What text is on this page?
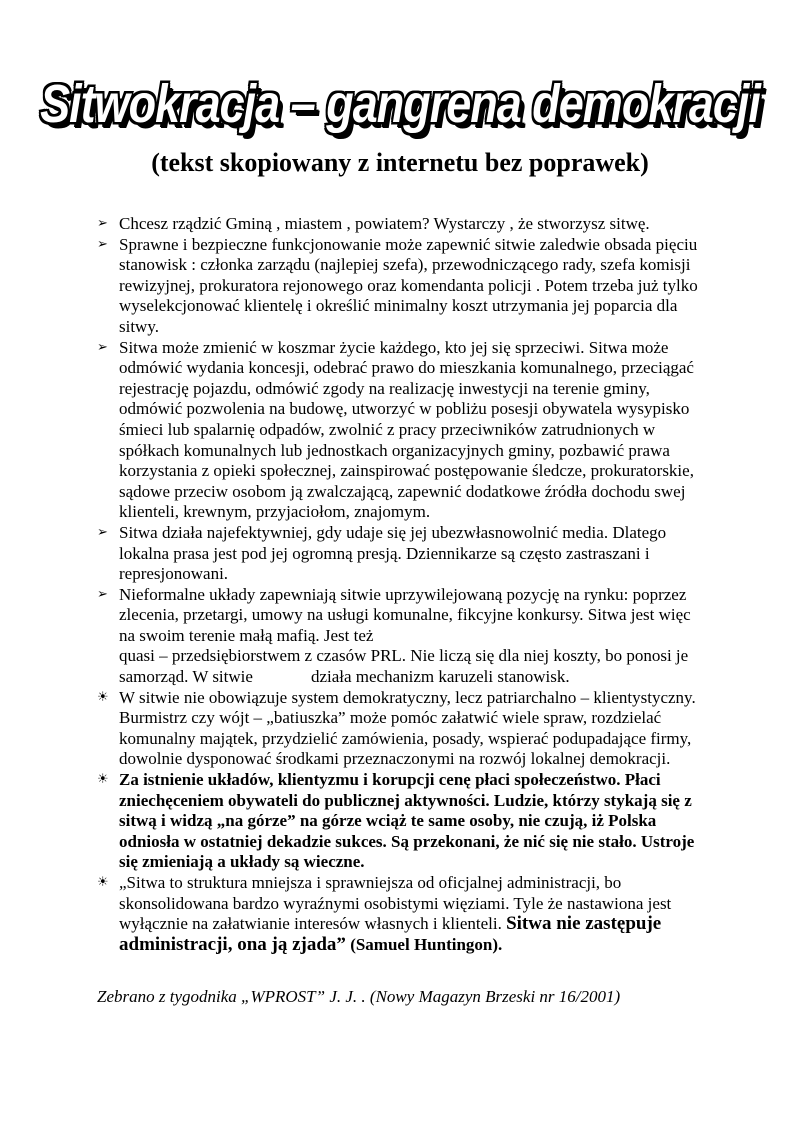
Sitwokracja – gangrena demokracji
(tekst skopiowany z internetu bez poprawek)
➢ Chcesz rządzić Gminą , miastem , powiatem? Wystarczy , że stworzysz sitwę.
➢ Sprawne i bezpieczne funkcjonowanie może zapewnić sitwie zaledwie obsada pięciu stanowisk : członka zarządu (najlepiej szefa), przewodniczącego rady, szefa komisji rewizyjnej, prokuratora rejonowego oraz komendanta policji . Potem trzeba już tylko wyselekcjonować klientelę i określić minimalny koszt utrzymania jej poparcia dla sitwy.
➢ Sitwa może zmienić w koszmar życie każdego, kto jej się sprzeciwi. Sitwa może odmówić wydania koncesji, odebrać prawo do mieszkania komunalnego, przeciągać rejestrację pojazdu, odmówić zgody na realizację inwestycji na terenie gminy, odmówić pozwolenia na budowę, utworzyć w pobliżu posesji obywatela wysypisko śmieci lub spalarnię odpadów, zwolnić z pracy przeciwników zatrudnionych w spółkach komunalnych lub jednostkach organizacyjnych gminy, pozbawić prawa korzystania z opieki społecznej, zainspirować postępowanie śledcze, prokuratorskie, sądowe przeciw osobom ją zwalczającą, zapewnić dodatkowe źródła dochodu swej klienteli, krewnym, przyjaciołom, znajomym.
➢ Sitwa działa najefektywniej, gdy udaje się jej ubezwłasnowolnić media. Dlatego lokalna prasa jest pod jej ogromną presją. Dziennikarze są często zastraszani i represjonowani.
➢ Nieformalne układy zapewniają sitwie uprzywilejowaną pozycję na rynku: poprzez zlecenia, przetargi, umowy na usługi komunalne, fikcyjne konkursy. Sitwa jest więc na swoim terenie małą mafią. Jest też
quasi – przedsiębiorstwem z czasów PRL. Nie liczą się dla niej koszty, bo ponosi je samorząd. W sitwie	działa mechanizm karuzeli stanowisk.
☀ W sitwie nie obowiązuje system demokratyczny, lecz patriarchalno – klientystyczny. Burmistrz czy wójt – „batiuszka” może pomóc załatwić wiele spraw, rozdzielać komunalny majątek, przydzielić zamówienia, posady, wspierać podupadające firmy, dowolnie dysponować środkami przeznaczonymi na rozwój lokalnej demokracji.
☀ Za istnienie układów, klientyzmu i korupcji cenę płaci społeczeństwo. Płaci zniechęceniem obywateli do publicznej aktywności. Ludzie, którzy stykają się z sitwą i widzą „na górze” na górze wciąż te same osoby, nie czują, iż Polska odniosła w ostatniej dekadzie sukces. Są przekonani, że nić się nie stało. Ustroje się zmieniają a układy są wieczne.
☀ „Sitwa to struktura mniejsza i sprawniejsza od oficjalnej administracji, bo skonsolidowana bardzo wyraźnymi osobistymi więziami. Tyle że nastawiona jest wyłącznie na załatwianie interesów własnych i klienteli. Sitwa nie zastępuje administracji, ona ją zjada” (Samuel Huntingon).
Zebrano z tygodnika „WPROST” J. J. . (Nowy Magazyn Brzeski nr 16/2001)
